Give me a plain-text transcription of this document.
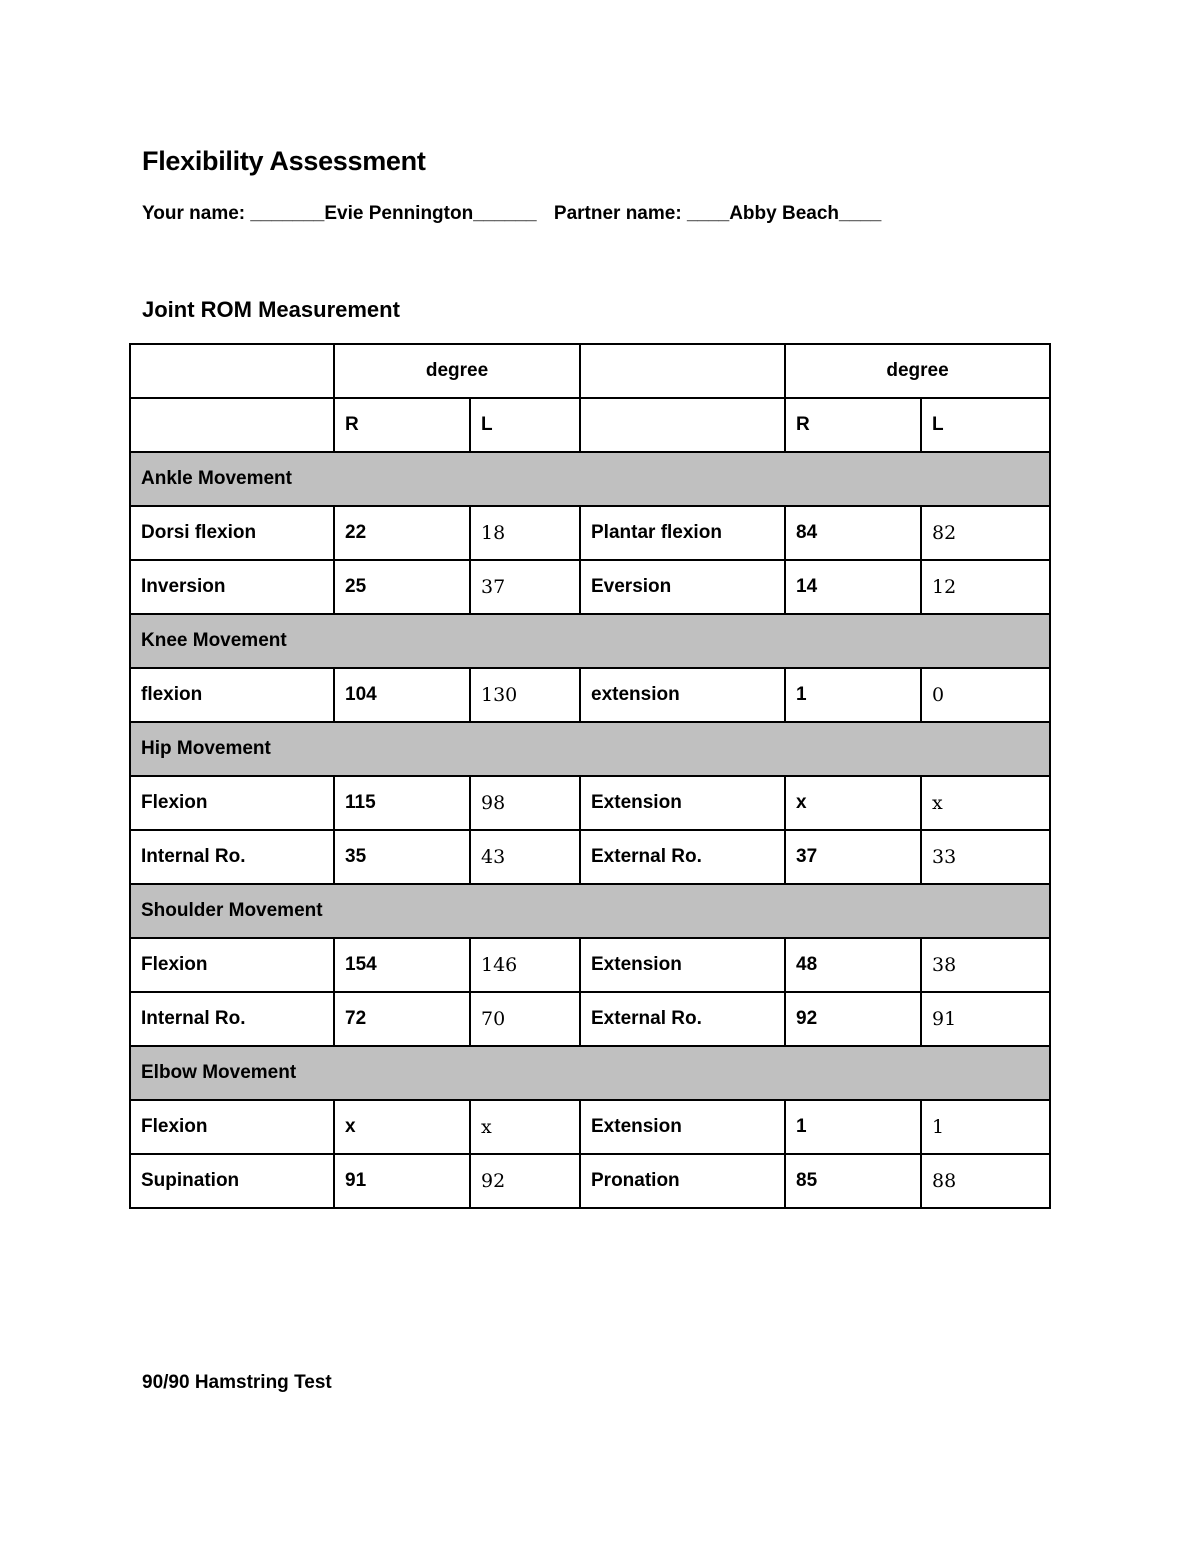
Flexibility Assessment
Your name: _______Evie Pennington______ Partner name: ____Abby Beach____
Joint ROM Measurement
	degree			degree	
	R	L		R	L
Ankle Movement					
Dorsi flexion	22	18	Plantar flexion	84	82
Inversion	25	37	Eversion	14	12
Knee Movement					
flexion	104	130	extension	1	0
Hip Movement					
Flexion	115	98	Extension	x	x
Internal Ro.	35	43	External Ro.	37	33
Shoulder Movement					
Flexion	154	146	Extension	48	38
Internal Ro.	72	70	External Ro.	92	91
Elbow Movement					
Flexion	x	x	Extension	1	1
Supination	91	92	Pronation	85	88
90/90 Hamstring Test
